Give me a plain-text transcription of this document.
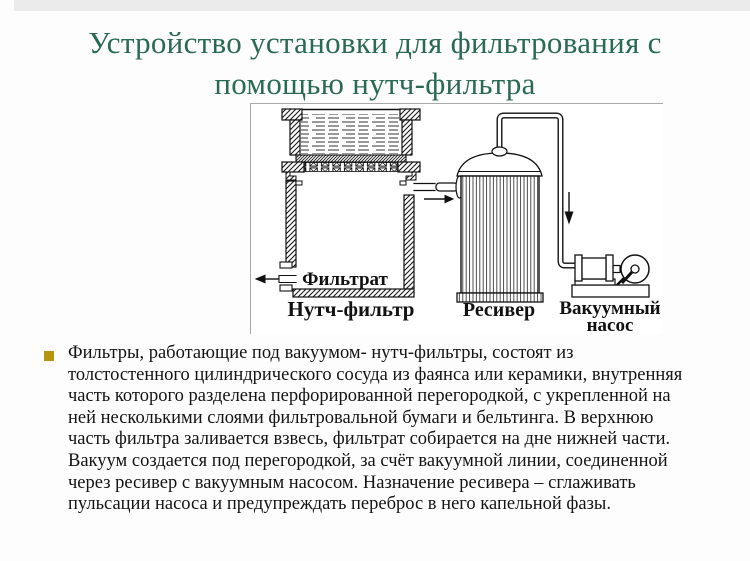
Устройство установки для фильтрования с
помощью нутч-фильтра
Фильтрат
Нутч-фильтр Ресивер Вакуумный
насос
Фильтры, работающие под вакуумом- нутч-фильтры, состоят из
толстостенного цилиндрического сосуда из фаянса или керамики, внутренняя
часть которого разделена перфорированной перегородкой, с укрепленной на
ней несколькими слоями фильтровальной бумаги и бельтинга. В верхнюю
часть фильтра заливается взвесь, фильтрат собирается на дне нижней части.
Вакуум создается под перегородкой, за счёт вакуумной линии, соединенной
через ресивер с вакуумным насосом. Назначение ресивера – сглаживать
пульсации насоса и предупреждать переброс в него капельной фазы.
